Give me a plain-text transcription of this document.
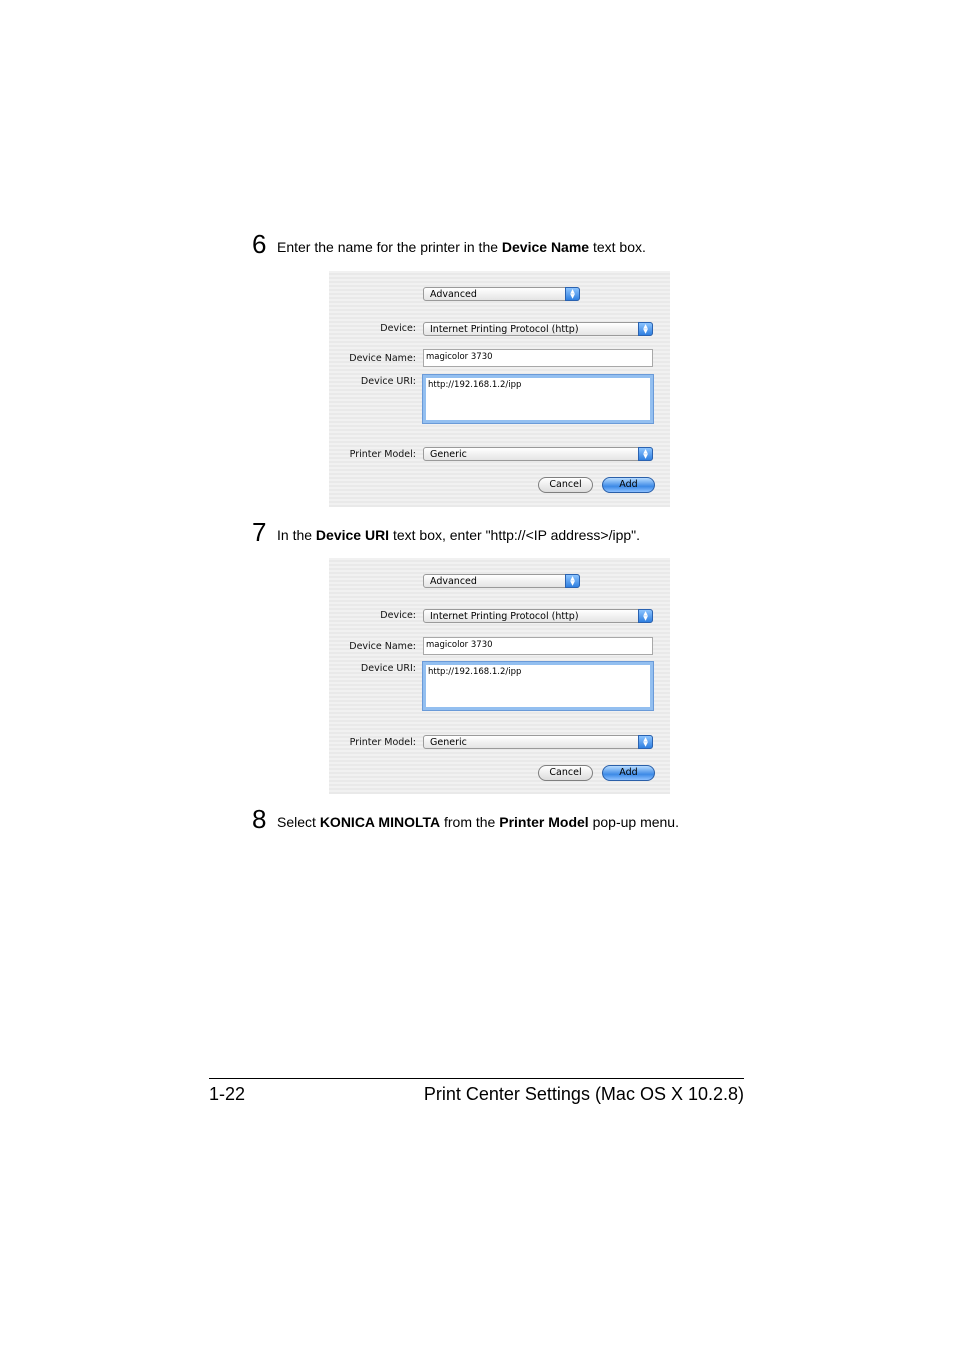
6 Enter the name for the printer in the Device Name text box.
Advanced	▲
▼
Device: Internet Printing Protocol (http)	▲
▼
Device Name: magicolor 3730
Device URI: http://192.168.1.2/ipp
Printer Model: Generic	▲
▼
Cancel	Add
7 In the Device URI text box, enter "http://<IP address>/ipp".
Advanced	▲
▼
Device: Internet Printing Protocol (http)	▲
▼
Device Name: magicolor 3730
Device URI: http://192.168.1.2/ipp
Printer Model: Generic	▲
▼
Cancel	Add
8 Select KONICA MINOLTA from the Printer Model pop-up menu.
1-22	Print Center Settings (Mac OS X 10.2.8)
